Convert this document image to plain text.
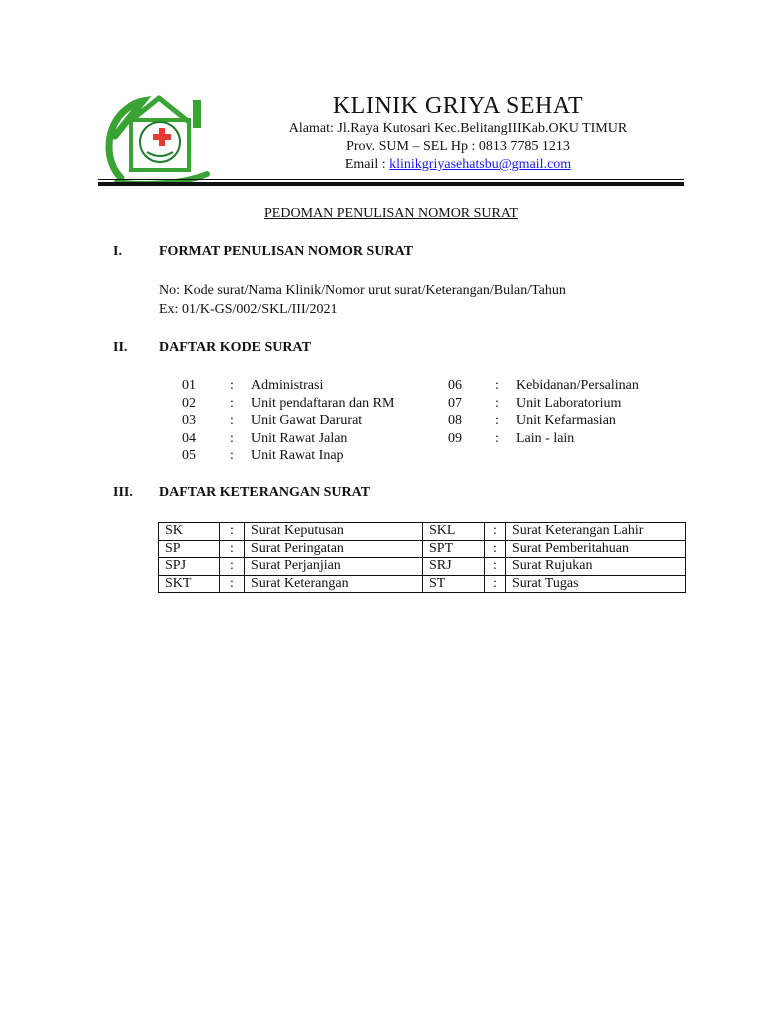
KLINIK GRIYA SEHAT
Alamat: Jl.Raya Kutosari Kec.BelitangIIIKab.OKU TIMUR
Prov. SUM – SEL Hp : 0813 7785 1213
Email : klinikgriyasehatsbu@gmail.com
PEDOMAN PENULISAN NOMOR SURAT
I.	FORMAT PENULISAN NOMOR SURAT
No: Kode surat/Nama Klinik/Nomor urut surat/Keterangan/Bulan/Tahun
Ex: 01/K-GS/002/SKL/III/2021
II. DAFTAR KODE SURAT
01 : Administrasi
02 : Unit pendaftaran dan RM
03 : Unit Gawat Darurat
04 : Unit Rawat Jalan
05 : Unit Rawat Inap
06 : Kebidanan/Persalinan
07 : Unit Laboratorium
08 : Unit Kefarmasian
09 : Lain - lain
III. DAFTAR KETERANGAN SURAT
SK	:	Surat Keputusan	SKL	:	Surat Keterangan Lahir
SP	:	Surat Peringatan	SPT	:	Surat Pemberitahuan
SPJ	:	Surat Perjanjian	SRJ	:	Surat Rujukan
SKT	:	Surat Keterangan	ST	:	Surat Tugas
